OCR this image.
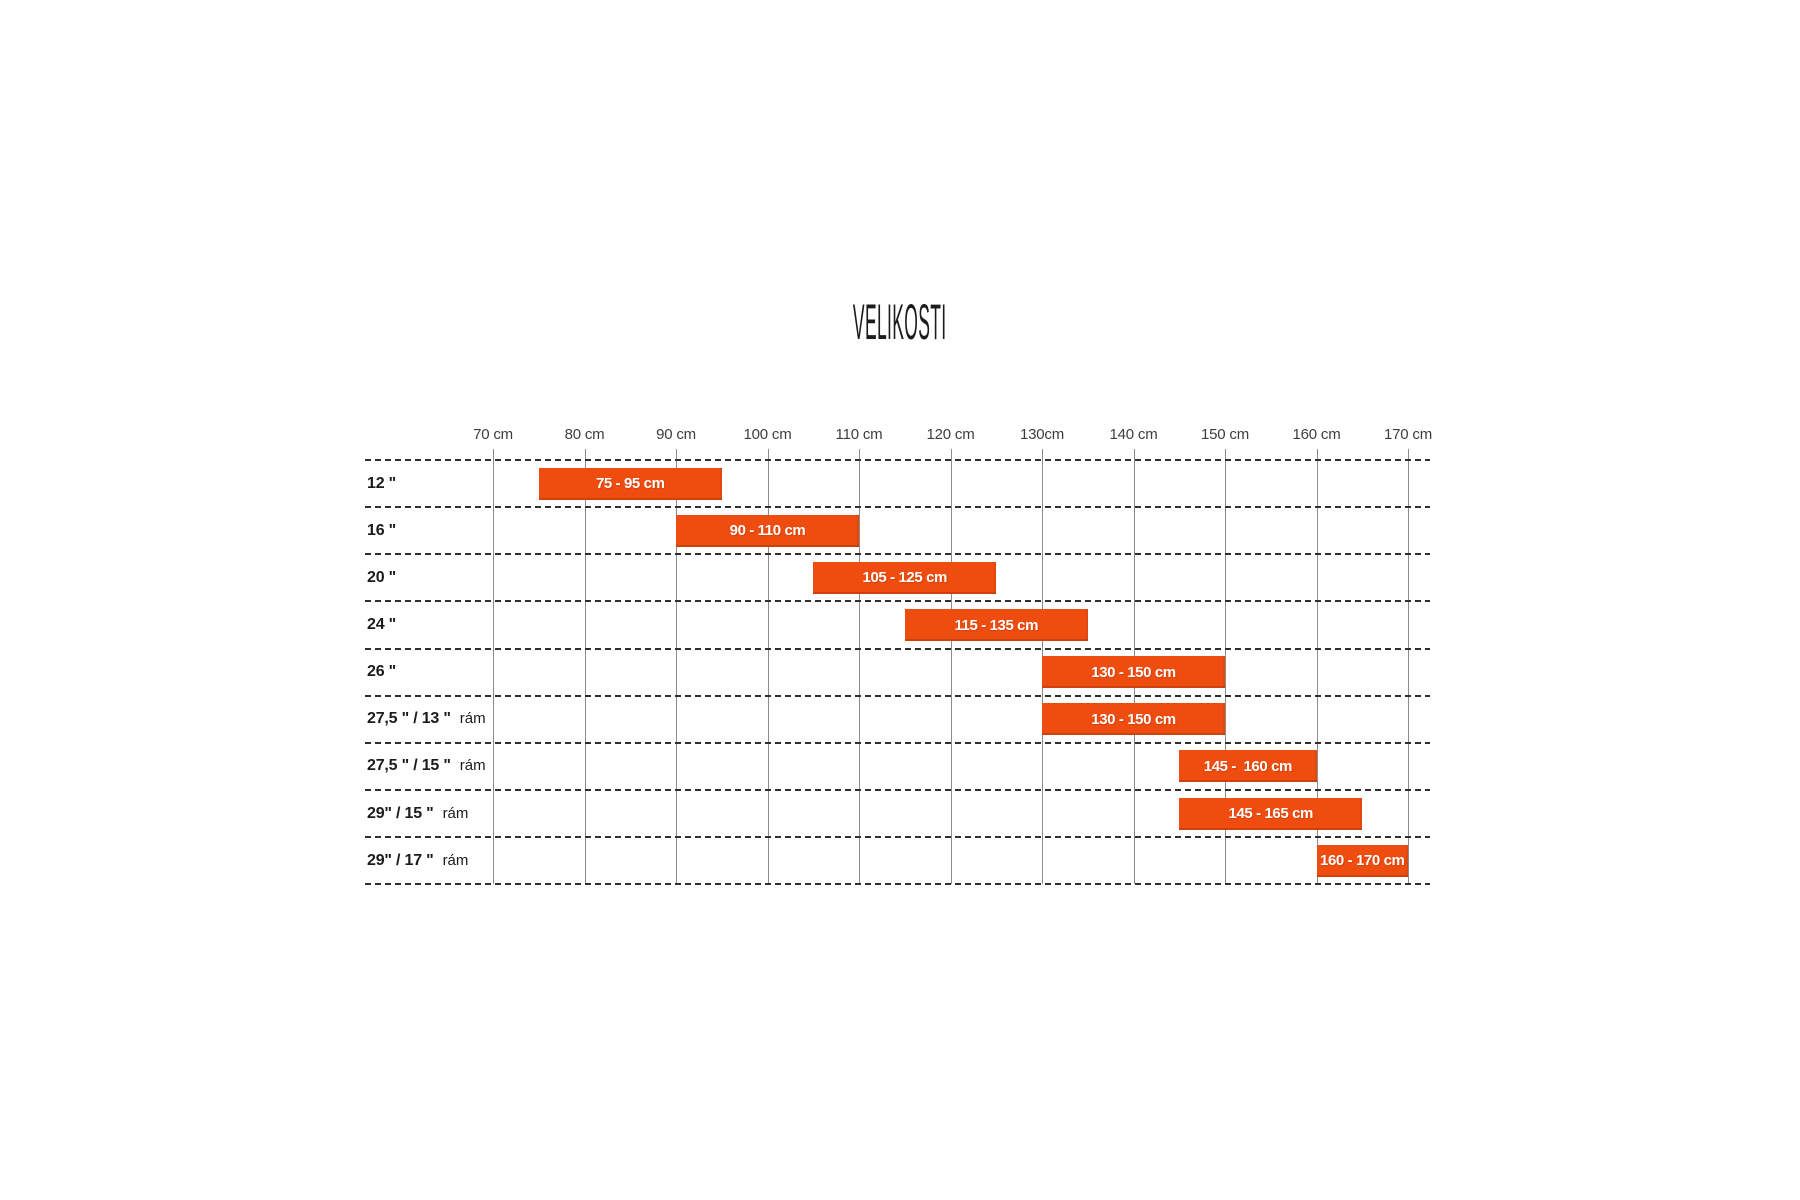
VELIKOSTI
70 cm	80 cm	90 cm	100 cm	110 cm	120 cm	130cm	140 cm	150 cm	160 cm	170 cm
12 "	75 - 95 cm
16 "	90 - 110 cm
20 "	105 - 125 cm
24 "	115 - 135 cm
26 "	130 - 150 cm
27,5 " / 13 " rám	130 - 150 cm
27,5 " / 15 " rám	145 -  160 cm
29" / 15 " rám	145 - 165 cm
29" / 17 " rám	160 - 170 cm
